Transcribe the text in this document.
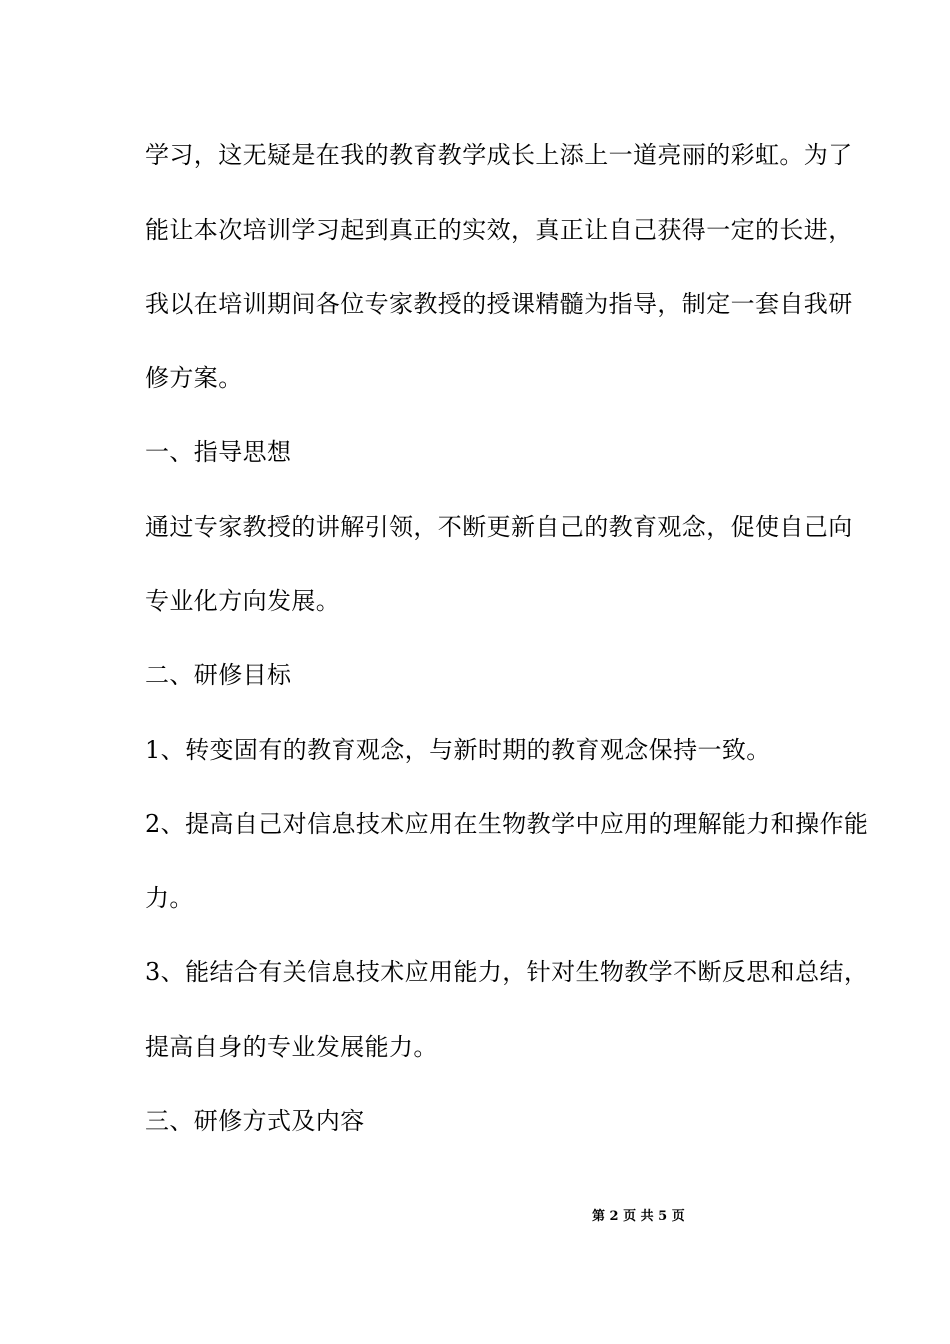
学习，这无疑是在我的教育教学成长上添上一道亮丽的彩虹。为了
能让本次培训学习起到真正的实效，真正让自己获得一定的长进，
我以在培训期间各位专家教授的授课精髓为指导，制定一套自我研
修方案。
一、指导思想
通过专家教授的讲解引领，不断更新自己的教育观念，促使自己向
专业化方向发展。
二、研修目标
1、转变固有的教育观念，与新时期的教育观念保持一致。
2、提高自己对信息技术应用在生物教学中应用的理解能力和操作能
力。
3、能结合有关信息技术应用能力，针对生物教学不断反思和总结，
提高自身的专业发展能力。
三、研修方式及内容
第 2 页 共 5 页
